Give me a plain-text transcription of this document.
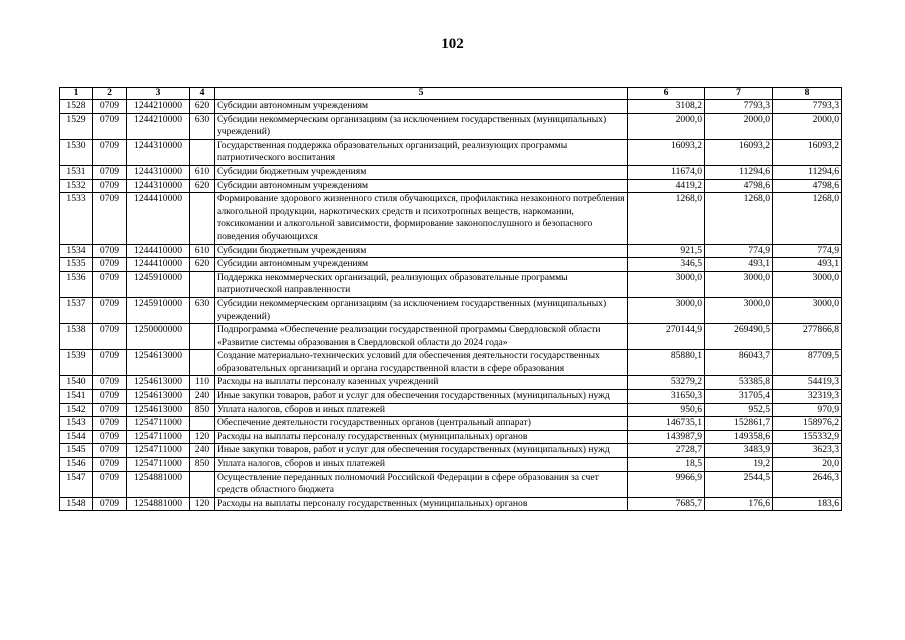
102
1	2	3	4	5	6	7	8
1528	0709	1244210000	620	Субсидии автономным учреждениям	3108,2	7793,3	7793,3
1529	0709	1244210000	630	Субсидии некоммерческим организациям (за исключением государственных (муниципальных) учреждений)	2000,0	2000,0	2000,0
1530	0709	1244310000		Государственная поддержка образовательных организаций, реализующих программы патриотического воспитания	16093,2	16093,2	16093,2
1531	0709	1244310000	610	Субсидии бюджетным учреждениям	11674,0	11294,6	11294,6
1532	0709	1244310000	620	Субсидии автономным учреждениям	4419,2	4798,6	4798,6
1533	0709	1244410000		Формирование здорового жизненного стиля обучающихся, профилактика незаконного потребления алкогольной продукции, наркотических средств и психотропных веществ, наркомании, токсикомании и алкогольной зависимости, формирование законопослушного и безопасного поведения обучающихся	1268,0	1268,0	1268,0
1534	0709	1244410000	610	Субсидии бюджетным учреждениям	921,5	774,9	774,9
1535	0709	1244410000	620	Субсидии автономным учреждениям	346,5	493,1	493,1
1536	0709	1245910000		Поддержка некоммерческих организаций, реализующих образовательные программы патриотической направленности	3000,0	3000,0	3000,0
1537	0709	1245910000	630	Субсидии некоммерческим организациям (за исключением государственных (муниципальных) учреждений)	3000,0	3000,0	3000,0
1538	0709	1250000000		Подпрограмма «Обеспечение реализации государственной программы Свердловской области «Развитие системы образования в Свердловской области до 2024 года»	270144,9	269490,5	277866,8
1539	0709	1254613000		Создание материально-технических условий для обеспечения деятельности государственных образовательных организаций и органа государственной власти в сфере образования	85880,1	86043,7	87709,5
1540	0709	1254613000	110	Расходы на выплаты персоналу казенных учреждений	53279,2	53385,8	54419,3
1541	0709	1254613000	240	Иные закупки товаров, работ и услуг для обеспечения государственных (муниципальных) нужд	31650,3	31705,4	32319,3
1542	0709	1254613000	850	Уплата налогов, сборов и иных платежей	950,6	952,5	970,9
1543	0709	1254711000		Обеспечение деятельности государственных органов (центральный аппарат)	146735,1	152861,7	158976,2
1544	0709	1254711000	120	Расходы на выплаты персоналу государственных (муниципальных) органов	143987,9	149358,6	155332,9
1545	0709	1254711000	240	Иные закупки товаров, работ и услуг для обеспечения государственных (муниципальных) нужд	2728,7	3483,9	3623,3
1546	0709	1254711000	850	Уплата налогов, сборов и иных платежей	18,5	19,2	20,0
1547	0709	1254881000		Осуществление переданных полномочий Российской Федерации в сфере образования за счет средств областного бюджета	9966,9	2544,5	2646,3
1548	0709	1254881000	120	Расходы на выплаты персоналу государственных (муниципальных) органов	7685,7	176,6	183,6
